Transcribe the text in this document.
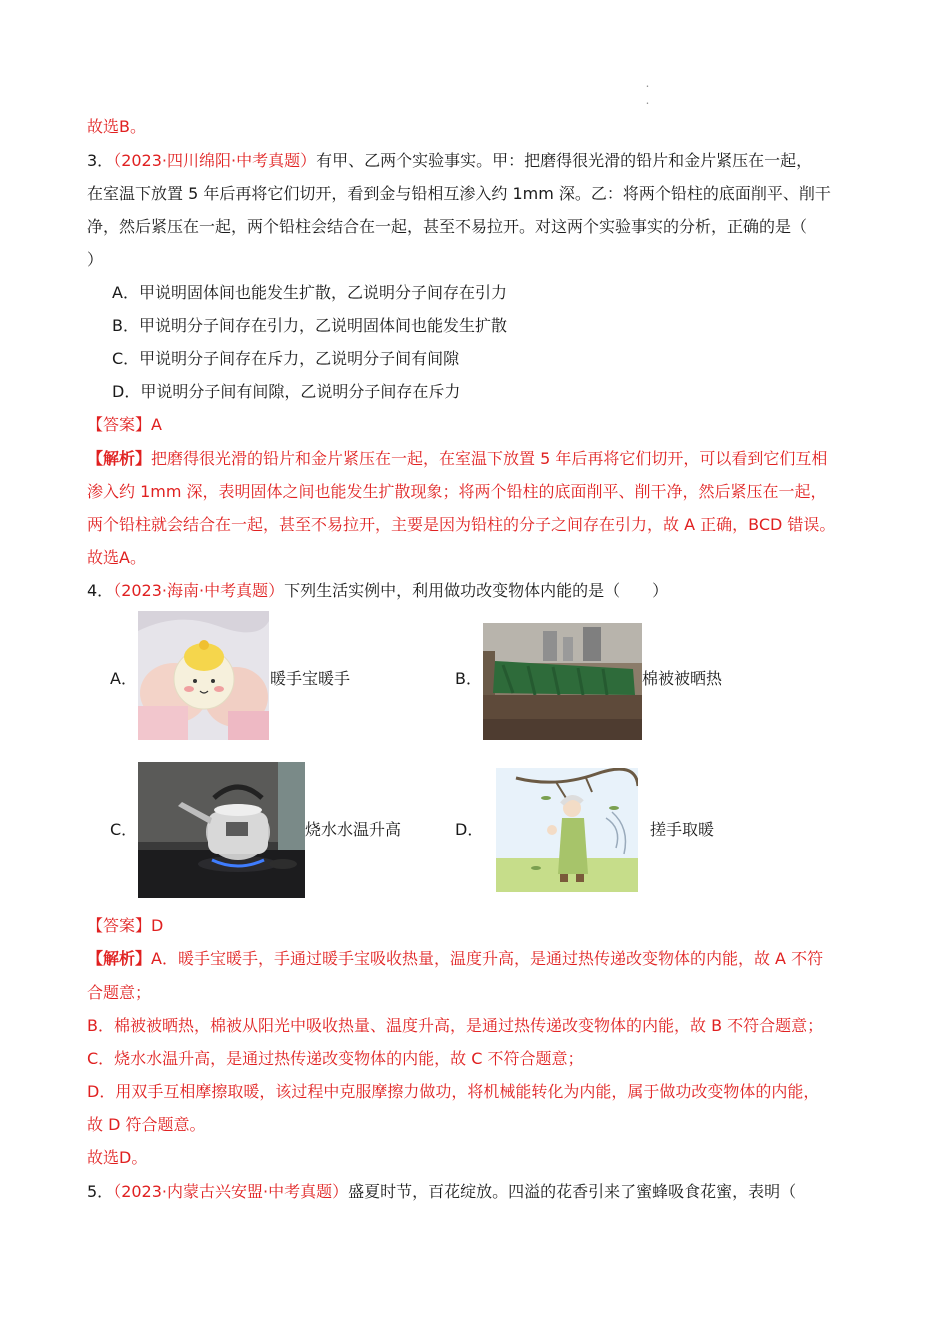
•
•
故选B。
3．（2023·四川绵阳·中考真题）有甲、乙两个实验事实。甲：把磨得很光滑的铅片和金片紧压在一起，
在室温下放置 5 年后再将它们切开，看到金与铅相互渗入约 1mm 深。乙：将两个铅柱的底面削平、削干
净，然后紧压在一起，两个铅柱会结合在一起，甚至不易拉开。对这两个实验事实的分析，正确的是（
）
A．甲说明固体间也能发生扩散，乙说明分子间存在引力
B．甲说明分子间存在引力，乙说明固体间也能发生扩散
C．甲说明分子间存在斥力，乙说明分子间有间隙
D．甲说明分子间有间隙，乙说明分子间存在斥力
【答案】A
【解析】把磨得很光滑的铅片和金片紧压在一起，在室温下放置 5 年后再将它们切开，可以看到它们互相
渗入约 1mm 深，表明固体之间也能发生扩散现象；将两个铅柱的底面削平、削干净，然后紧压在一起，
两个铅柱就会结合在一起，甚至不易拉开，主要是因为铅柱的分子之间存在引力，故 A 正确，BCD 错误。
故选A。
4．（2023·海南·中考真题）下列生活实例中，利用做功改变物体内能的是（　　）
A．	暖手宝暖手	B．	棉被被晒热
C．	烧水水温升高	D．	搓手取暖
【答案】D
【解析】A．暖手宝暖手，手通过暖手宝吸收热量，温度升高，是通过热传递改变物体的内能，故 A 不符
合题意；
B．棉被被晒热，棉被从阳光中吸收热量、温度升高，是通过热传递改变物体的内能，故 B 不符合题意；
C．烧水水温升高，是通过热传递改变物体的内能，故 C 不符合题意；
D．用双手互相摩擦取暖，该过程中克服摩擦力做功，将机械能转化为内能，属于做功改变物体的内能，
故 D 符合题意。
故选D。
5．（2023·内蒙古兴安盟·中考真题）盛夏时节，百花绽放。四溢的花香引来了蜜蜂吸食花蜜，表明（
